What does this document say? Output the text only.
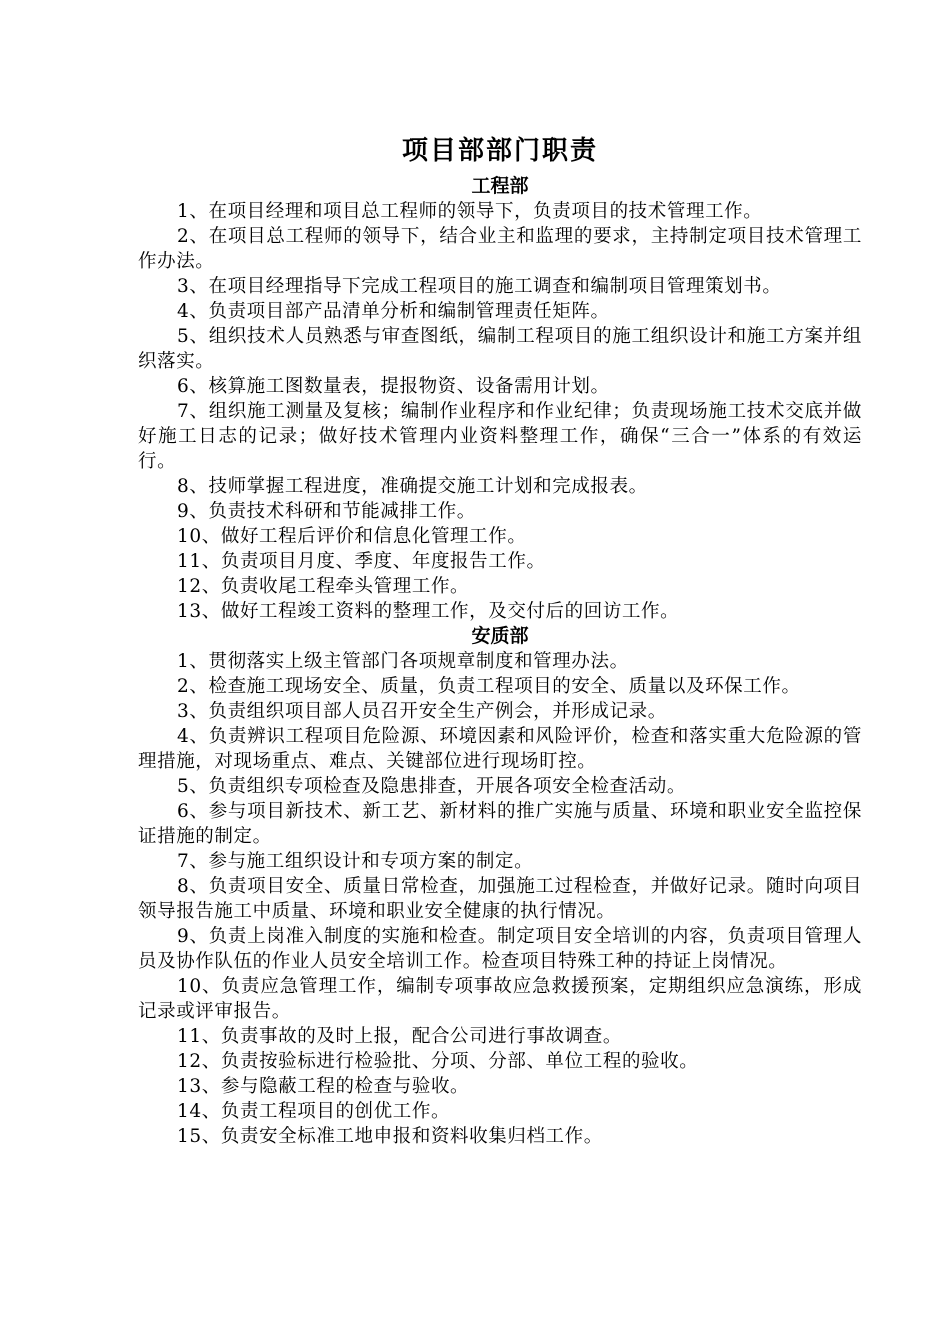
项目部部门职责
工程部

1、在项目经理和项目总工程师的领导下，负责项目的技术管理工作。

2、在项目总工程师的领导下，结合业主和监理的要求，主持制定项目技术管理工作办法。

3、在项目经理指导下完成工程项目的施工调查和编制项目管理策划书。

4、负责项目部产品清单分析和编制管理责任矩阵。

5、组织技术人员熟悉与审查图纸，编制工程项目的施工组织设计和施工方案并组织落实。

6、核算施工图数量表，提报物资、设备需用计划。

7、组织施工测量及复核；编制作业程序和作业纪律；负责现场施工技术交底并做好施工日志的记录；做好技术管理内业资料整理工作，确保“三合一”体系的有效运行。

8、技师掌握工程进度，准确提交施工计划和完成报表。

9、负责技术科研和节能减排工作。

10、做好工程后评价和信息化管理工作。

11、负责项目月度、季度、年度报告工作。

12、负责收尾工程牵头管理工作。

13、做好工程竣工资料的整理工作，及交付后的回访工作。

安质部

1、贯彻落实上级主管部门各项规章制度和管理办法。

2、检查施工现场安全、质量，负责工程项目的安全、质量以及环保工作。

3、负责组织项目部人员召开安全生产例会，并形成记录。

4、负责辨识工程项目危险源、环境因素和风险评价，检查和落实重大危险源的管理措施，对现场重点、难点、关键部位进行现场盯控。

5、负责组织专项检查及隐患排查，开展各项安全检查活动。

6、参与项目新技术、新工艺、新材料的推广实施与质量、环境和职业安全监控保证措施的制定。

7、参与施工组织设计和专项方案的制定。

8、负责项目安全、质量日常检查，加强施工过程检查，并做好记录。随时向项目领导报告施工中质量、环境和职业安全健康的执行情况。

9、负责上岗准入制度的实施和检查。制定项目安全培训的内容，负责项目管理人员及协作队伍的作业人员安全培训工作。检查项目特殊工种的持证上岗情况。

10、负责应急管理工作，编制专项事故应急救援预案，定期组织应急演练，形成记录或评审报告。

11、负责事故的及时上报，配合公司进行事故调查。

12、负责按验标进行检验批、分项、分部、单位工程的验收。

13、参与隐蔽工程的检查与验收。

14、负责工程项目的创优工作。

15、负责安全标准工地申报和资料收集归档工作。
